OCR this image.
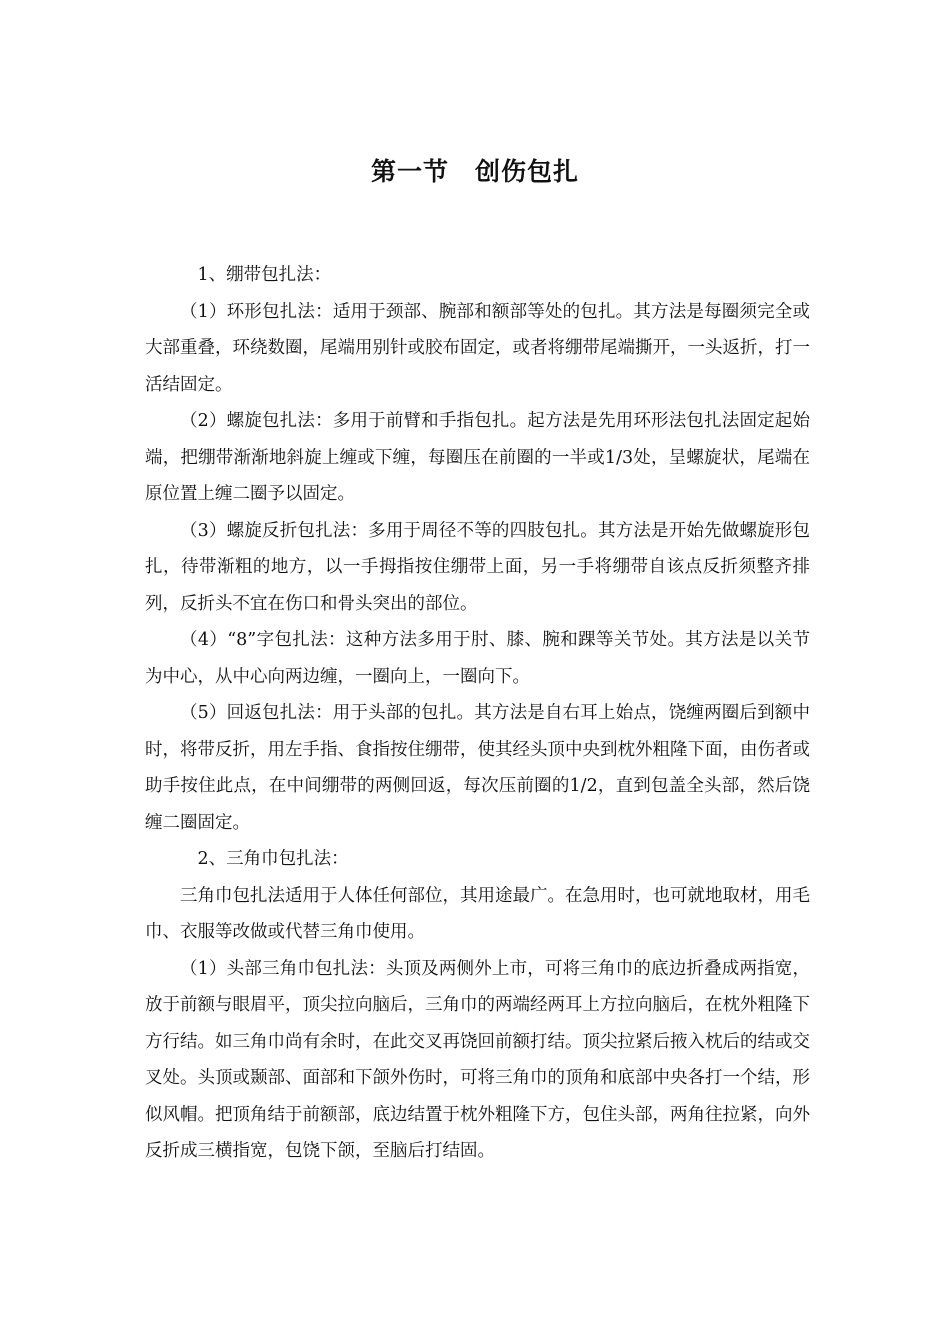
第一节　创伤包扎

1、绷带包扎法：

（1）环形包扎法：适用于颈部、腕部和额部等处的包扎。其方法是每圈须完全或大部重叠，环绕数圈，尾端用别针或胶布固定，或者将绷带尾端撕开，一头返折，打一活结固定。

（2）螺旋包扎法：多用于前臂和手指包扎。起方法是先用环形法包扎法固定起始端，把绷带渐渐地斜旋上缠或下缠，每圈压在前圈的一半或1/3处，呈螺旋状，尾端在原位置上缠二圈予以固定。

（3）螺旋反折包扎法：多用于周径不等的四肢包扎。其方法是开始先做螺旋形包扎，待带渐粗的地方，以一手拇指按住绷带上面，另一手将绷带自该点反折须整齐排列，反折头不宜在伤口和骨头突出的部位。

（4）“8”字包扎法：这种方法多用于肘、膝、腕和踝等关节处。其方法是以关节为中心，从中心向两边缠，一圈向上，一圈向下。

（5）回返包扎法：用于头部的包扎。其方法是自右耳上始点，饶缠两圈后到额中时，将带反折，用左手指、食指按住绷带，使其经头顶中央到枕外粗隆下面，由伤者或助手按住此点，在中间绷带的两侧回返，每次压前圈的1/2，直到包盖全头部，然后饶缠二圈固定。

2、三角巾包扎法：

三角巾包扎法适用于人体任何部位，其用途最广。在急用时，也可就地取材，用毛巾、衣服等改做或代替三角巾使用。

（1）头部三角巾包扎法：头顶及两侧外上市，可将三角巾的底边折叠成两指宽，放于前额与眼眉平，顶尖拉向脑后，三角巾的两端经两耳上方拉向脑后，在枕外粗隆下方行结。如三角巾尚有余时，在此交叉再饶回前额打结。顶尖拉紧后掖入枕后的结或交叉处。头顶或颞部、面部和下颌外伤时，可将三角巾的顶角和底部中央各打一个结，形似风帽。把顶角结于前额部，底边结置于枕外粗隆下方，包住头部，两角往拉紧，向外反折成三横指宽，包饶下颌，至脑后打结固。
